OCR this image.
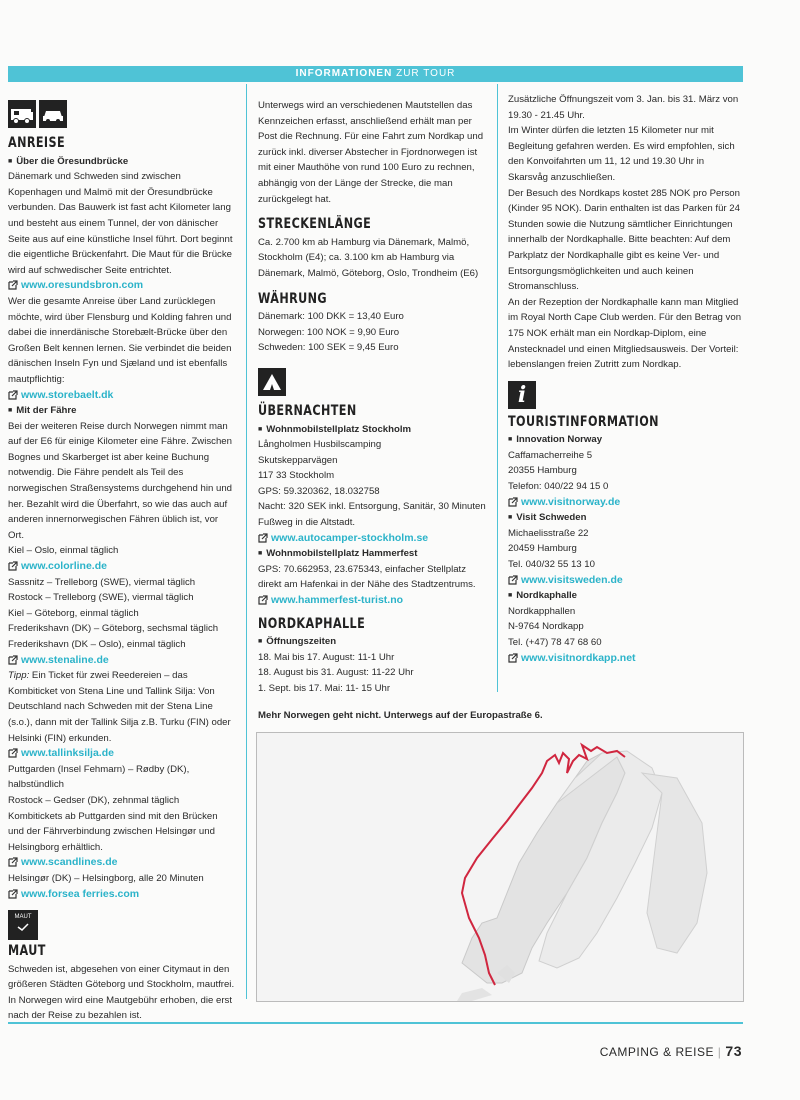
INFORMATIONEN ZUR TOUR
ANREISE
■ Über die Öresundbrücke

Dänemark und Schweden sind zwischen Kopenhagen und Malmö mit der Öresundbrücke verbunden. Das Bauwerk ist fast acht Kilometer lang und besteht aus einem Tunnel, der von dänischer Seite aus auf eine künstliche Insel führt. Dort beginnt die eigentliche Brückenfahrt. Die Maut für die Brücke wird auf schwedischer Seite entrichtet.

www.oresundsbron.com

Wer die gesamte Anreise über Land zurücklegen möchte, wird über Flensburg und Kolding fahren und dabei die innerdänische Storebælt-Brücke über den Großen Belt kennen lernen. Sie verbindet die beiden dänischen Inseln Fyn und Sjæland und ist ebenfalls mautpflichtig:

www.storebaelt.dk
■ Mit der Fähre

Bei der weiteren Reise durch Norwegen nimmt man auf der E6 für einige Kilometer eine Fähre. Zwischen Bognes und Skarberget ist aber keine Buchung notwendig. Die Fähre pendelt als Teil des norwegischen Straßensystems durchgehend hin und her. Bezahlt wird die Überfahrt, so wie das auch auf anderen innernorwegischen Fähren üblich ist, vor Ort.

Kiel – Oslo, einmal täglich
www.colorline.de
Sassnitz – Trelleborg (SWE), viermal täglich
Rostock – Trelleborg (SWE), viermal täglich
Kiel – Göteborg, einmal täglich
Frederikshavn (DK) – Göteborg, sechsmal täglich
Frederikshavn (DK – Oslo), einmal täglich
www.stenaline.de

Tipp: Ein Ticket für zwei Reedereien – das Kombiticket von Stena Line und Tallink Silja: Von Deutschland nach Schweden mit der Stena Line (s.o.), dann mit der Tallink Silja z.B. Turku (FIN) oder Helsinki (FIN) erkunden.

www.tallinksilja.de

Puttgarden (Insel Fehmarn) – Rødby (DK), halbstündlich

Rostock – Gedser (DK), zehnmal täglich

Kombitickets ab Puttgarden sind mit den Brücken und der Fährverbindung zwischen Helsingør und Helsingborg erhältlich.

www.scandlines.de

Helsingør (DK) – Helsingborg, alle 20 Minuten

www.forsea ferries.com
MAUT

MAUT

Schweden ist, abgesehen von einer Citymaut in den größeren Städten Göteborg und Stockholm, mautfrei. In Norwegen wird eine Mautgebühr erhoben, die erst nach der Reise zu bezahlen ist.

Unterwegs wird an verschiedenen Mautstellen das Kennzeichen erfasst, anschließend erhält man per Post die Rechnung. Für eine Fahrt zum Nordkap und zurück inkl. diverser Abstecher in Fjordnorwegen ist mit einer Mauthöhe von rund 100 Euro zu rechnen, abhängig von der Länge der Strecke, die man zurückgelegt hat.

STRECKENLÄNGE

Ca. 2.700 km ab Hamburg via Dänemark, Malmö, Stockholm (E4); ca. 3.100 km ab Hamburg via Dänemark, Malmö, Göteborg, Oslo, Trondheim (E6)

WÄHRUNG
Dänemark: 100 DKK = 13,40 Euro
Norwegen: 100 NOK = 9,90 Euro
Schweden: 100 SEK = 9,45 Euro
ÜBERNACHTEN
■ Wohnmobilstellplatz Stockholm
Långholmen Husbilscamping
Skutskepparvägen
117 33 Stockholm
GPS: 59.320362, 18.032758

Nacht: 320 SEK inkl. Entsorgung, Sanitär, 30 Minuten Fußweg in die Altstadt.

www.autocamper-stockholm.se
■ Wohnmobilstellplatz Hammerfest

GPS: 70.662953, 23.675343, einfacher Stellplatz direkt am Hafenkai in der Nähe des Stadtzentrums.

www.hammerfest-turist.no
NORDKAPHALLE
■ Öffnungszeiten
18. Mai bis 17. August: 11-1 Uhr
18. August bis 31. August: 11-22 Uhr
1. Sept. bis 17. Mai: 11- 15 Uhr

Zusätzliche Öffnungszeit vom 3. Jan. bis 31. März von 19.30 - 21.45 Uhr.

Im Winter dürfen die letzten 15 Kilometer nur mit Begleitung gefahren werden. Es wird empfohlen, sich den Konvoifahrten um 11, 12 und 19.30 Uhr in Skarsvåg anzuschließen.

Der Besuch des Nordkaps kostet 285 NOK pro Person (Kinder 95 NOK). Darin enthalten ist das Parken für 24 Stunden sowie die Nutzung sämtlicher Einrichtungen innerhalb der Nordkaphalle. Bitte beachten: Auf dem Parkplatz der Nordkaphalle gibt es keine Ver- und Entsorgungsmöglichkeiten und auch keinen Stromanschluss.

An der Rezeption der Nordkaphalle kann man Mitglied im Royal North Cape Club werden. Für den Betrag von 175 NOK erhält man ein Nordkap-Diplom, eine Anstecknadel und einen Mitgliedsausweis. Der Vorteil: lebenslangen freien Zutritt zum Nordkap.

i
TOURISTINFORMATION
■ Innovation Norway
Caffamacherreihe 5
20355 Hamburg
Telefon: 040/22 94 15 0
www.visitnorway.de
■ Visit Schweden
Michaelisstraße 22
20459 Hamburg
Tel. 040/32 55 13 10
www.visitsweden.de
■ Nordkaphalle
Nordkapphallen
N-9764 Nordkapp
Tel. (+47) 78 47 68 60
www.visitnordkapp.net
Mehr Norwegen geht nicht. Unterwegs auf der Europastraße 6.
CAMPING & REISE | 73
